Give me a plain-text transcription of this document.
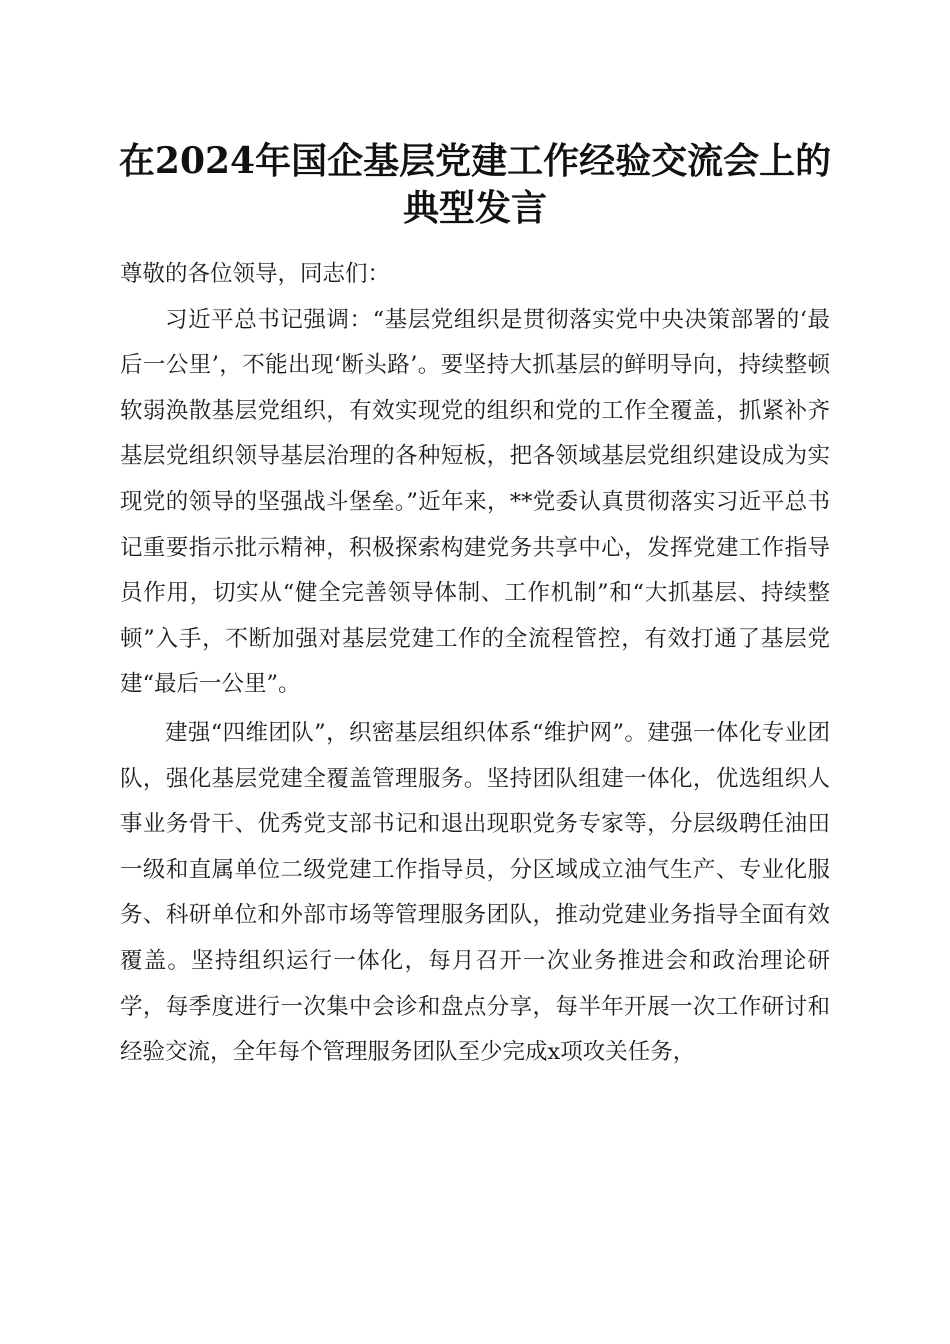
在2024年国企基层党建工作经验交流会上的
典型发言

尊敬的各位领导，同志们：

习近平总书记强调：“基层党组织是贯彻落实党中央决策部署的‘最后一公里’，不能出现‘断头路’。要坚持大抓基层的鲜明导向，持续整顿软弱涣散基层党组织，有效实现党的组织和党的工作全覆盖，抓紧补齐基层党组织领导基层治理的各种短板，把各领域基层党组织建设成为实现党的领导的坚强战斗堡垒。”近年来，**党委认真贯彻落实习近平总书记重要指示批示精神，积极探索构建党务共享中心，发挥党建工作指导员作用，切实从“健全完善领导体制、工作机制”和“大抓基层、持续整顿”入手，不断加强对基层党建工作的全流程管控，有效打通了基层党建“最后一公里”。

建强“四维团队”，织密基层组织体系“维护网”。建强一体化专业团队，强化基层党建全覆盖管理服务。坚持团队组建一体化，优选组织人事业务骨干、优秀党支部书记和退出现职党务专家等，分层级聘任油田一级和直属单位二级党建工作指导员，分区域成立油气生产、专业化服务、科研单位和外部市场等管理服务团队，推动党建业务指导全面有效覆盖。坚持组织运行一体化，每月召开一次业务推进会和政治理论研学，每季度进行一次集中会诊和盘点分享，每半年开展一次工作研讨和经验交流，全年每个管理服务团队至少完成x项攻关任务，
